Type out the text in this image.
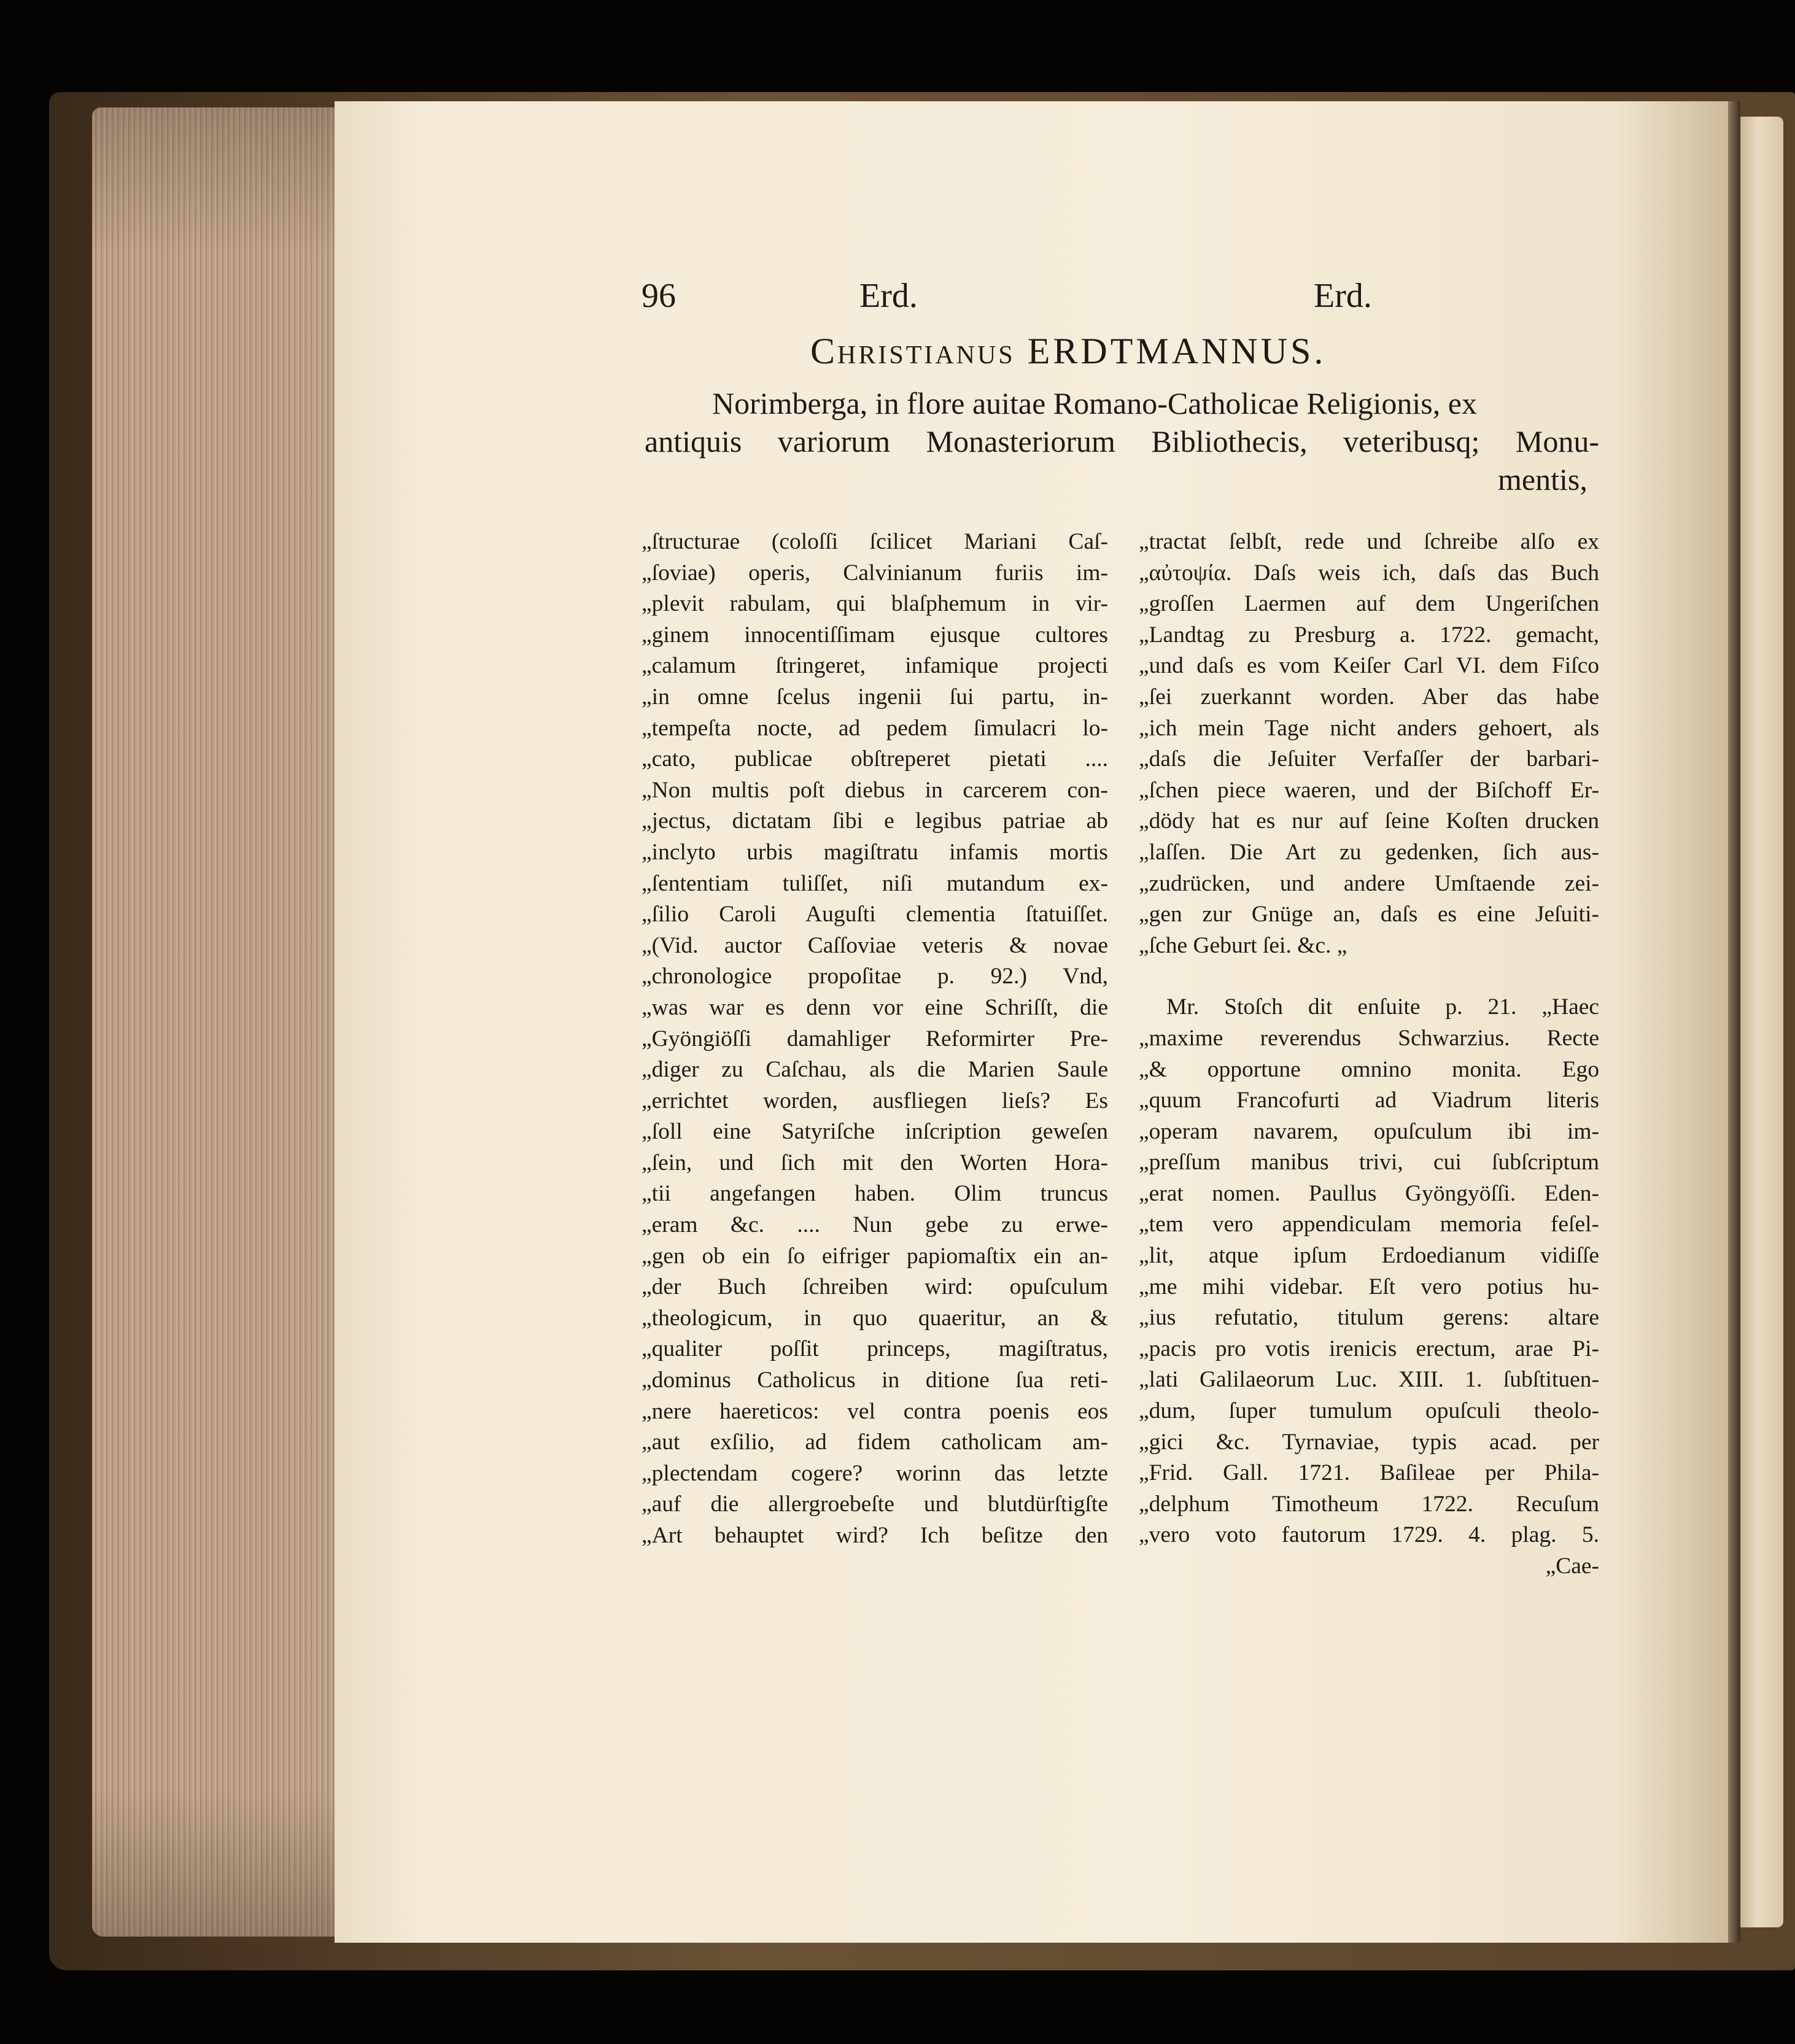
96	Erd.	Erd.
Christianus ERDTMANNUS.
Norimberga, in flore auitae Romano-Catholicae Religionis, ex
antiquis variorum Monasteriorum Bibliothecis, veteribusq; Monu-
mentis,
„ſtructurae (coloſſi ſcilicet Mariani Caſ-
„ſoviae) operis, Calvinianum furiis im-
„plevit rabulam, qui blaſphemum in vir-
„ginem innocentiſſimam ejusque cultores
„calamum ſtringeret, infamique projecti
„in omne ſcelus ingenii ſui partu, in-
„tempeſta nocte, ad pedem ſimulacri lo-
„cato, publicae obſtreperet pietati ....
„Non multis poſt diebus in carcerem con-
„jectus, dictatam ſibi e legibus patriae ab
„inclyto urbis magiſtratu infamis mortis
„ſententiam tuliſſet, niſi mutandum ex-
„ſilio Caroli Auguſti clementia ſtatuiſſet.
„(Vid. auctor Caſſoviae veteris & novae
„chronologice propoſitae p. 92.) Vnd,
„was war es denn vor eine Schriſſt, die
„Gyöngiöſſi damahliger Reformirter Pre-
„diger zu Caſchau, als die Marien Saule
„errichtet worden, ausfliegen lieſs? Es
„ſoll eine Satyriſche inſcription geweſen
„ſein, und ſich mit den Worten Hora-
„tii angefangen haben. Olim truncus
„eram &c. .... Nun gebe zu erwe-
„gen ob ein ſo eifriger papiomaſtix ein an-
„der Buch ſchreiben wird: opuſculum
„theologicum, in quo quaeritur, an &
„qualiter poſſit princeps, magiſtratus,
„dominus Catholicus in ditione ſua reti-
„nere haereticos: vel contra poenis eos
„aut exſilio, ad fidem catholicam am-
„plectendam cogere? worinn das letzte
„auf die allergroebeſte und blutdürſtigſte
„Art behauptet wird? Ich beſitze den
„tractat ſelbſt, rede und ſchreibe alſo ex
„αὐτοψία. Daſs weis ich, daſs das Buch
„groſſen Laermen auf dem Ungeriſchen
„Landtag zu Presburg a. 1722. gemacht,
„und daſs es vom Keiſer Carl VI. dem Fiſco
„ſei zuerkannt worden. Aber das habe
„ich mein Tage nicht anders gehoert, als
„daſs die Jeſuiter Verfaſſer der barbari-
„ſchen piece waeren, und der Biſchoff Er-
„dödy hat es nur auf ſeine Koſten drucken
„laſſen. Die Art zu gedenken, ſich aus-
„zudrücken, und andere Umſtaende zei-
„gen zur Gnüge an, daſs es eine Jeſuiti-
„ſche Geburt ſei. &c. „
Mr. Stoſch dit enſuite p. 21. „Haec
„maxime reverendus Schwarzius. Recte
„& opportune omnino monita. Ego
„quum Francofurti ad Viadrum literis
„operam navarem, opuſculum ibi im-
„preſſum manibus trivi, cui ſubſcriptum
„erat nomen. Paullus Gyöngyöſſi. Eden-
„tem vero appendiculam memoria feſel-
„lit, atque ipſum Erdoedianum vidiſſe
„me mihi videbar. Eſt vero potius hu-
„ius refutatio, titulum gerens: altare
„pacis pro votis irenicis erectum, arae Pi-
„lati Galilaeorum Luc. XIII. 1. ſubſtituen-
„dum, ſuper tumulum opuſculi theolo-
„gici &c. Tyrnaviae, typis acad. per
„Frid. Gall. 1721. Baſileae per Phila-
„delphum Timotheum 1722. Recuſum
„vero voto fautorum 1729. 4. plag. 5.
„Cae-
